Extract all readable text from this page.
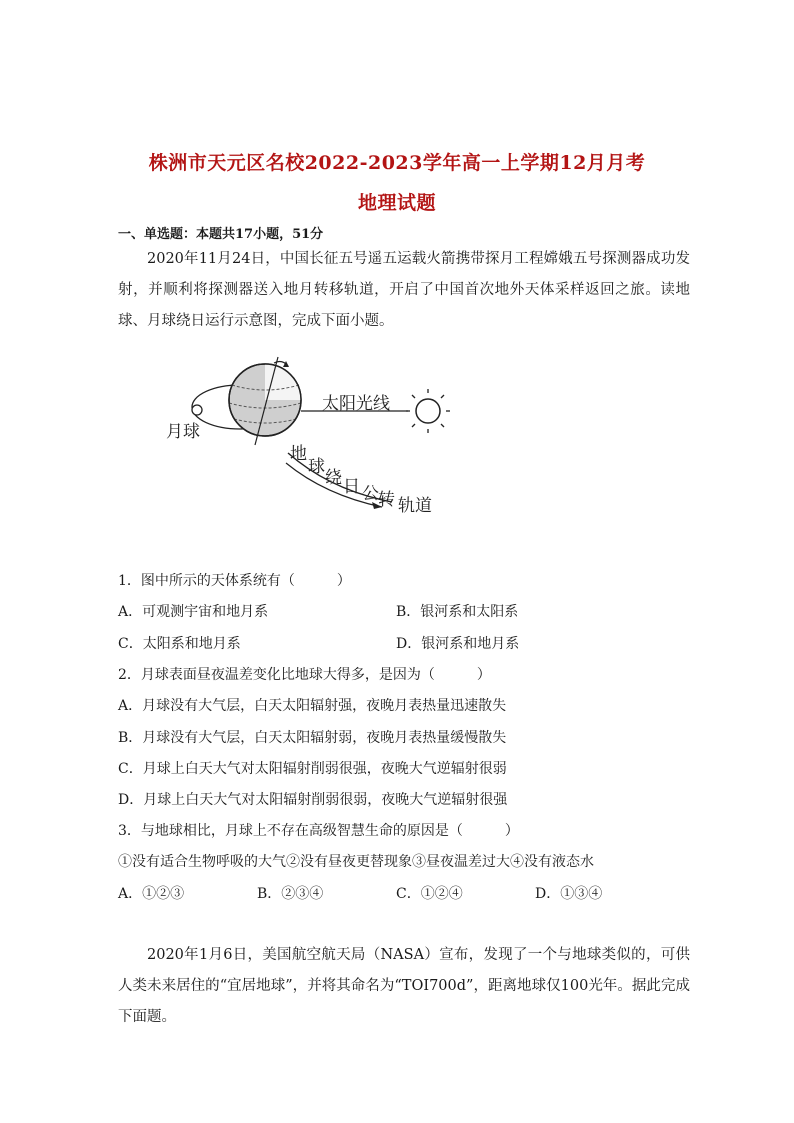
株洲市天元区名校2022-2023学年高一上学期12月月考
地理试题
一、单选题：本题共17小题，51分
2020年11月24日，中国长征五号遥五运载火箭携带探月工程嫦娥五号探测器成功发射，并顺利将探测器送入地月转移轨道，开启了中国首次地外天体采样返回之旅。读地球、月球绕日运行示意图，完成下面小题。
月球
太阳光线
地
球
绕 日 公 转 轨道
1．图中所示的天体系统有（　　　）
A．可观测宇宙和地月系	B．银河系和太阳系
C．太阳系和地月系	D．银河系和地月系
2．月球表面昼夜温差变化比地球大得多，是因为（　　　）
A．月球没有大气层，白天太阳辐射强，夜晚月表热量迅速散失
B．月球没有大气层，白天太阳辐射弱，夜晚月表热量缓慢散失
C．月球上白天大气对太阳辐射削弱很强，夜晚大气逆辐射很弱
D．月球上白天大气对太阳辐射削弱很弱，夜晚大气逆辐射很强
3．与地球相比，月球上不存在高级智慧生命的原因是（　　　）
①没有适合生物呼吸的大气②没有昼夜更替现象③昼夜温差过大④没有液态水
A．①②③	B．②③④	C．①②④	D．①③④
2020年1月6日，美国航空航天局（NASA）宣布，发现了一个与地球类似的，可供人类未来居住的“宜居地球”，并将其命名为“TOI700d”，距离地球仅100光年。据此完成下面题。
